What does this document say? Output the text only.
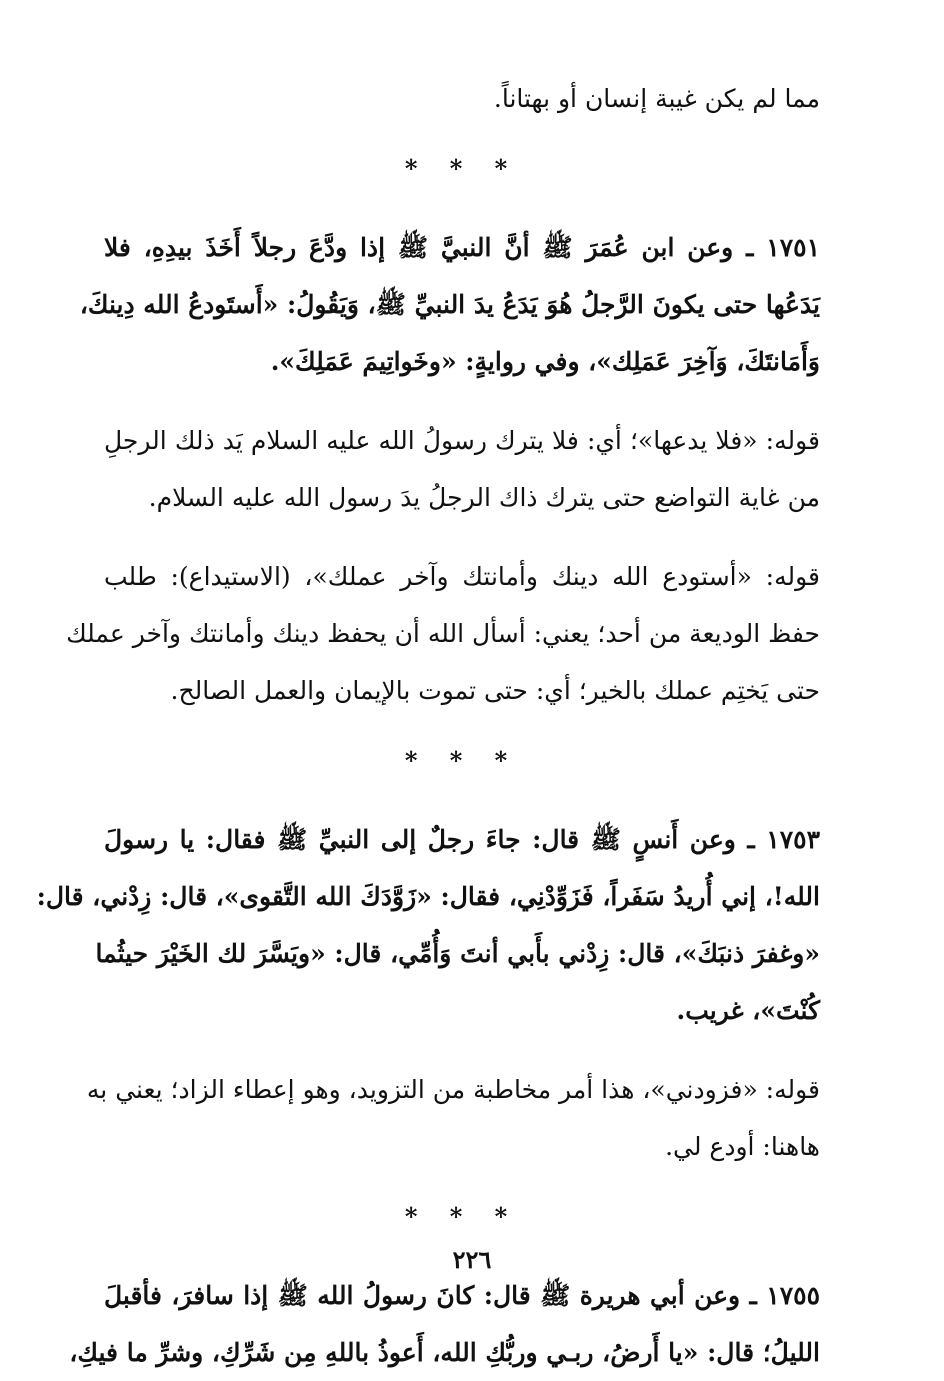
مما لم يكن غيبة إنسان أو بهتاناً.
* * *
١٧٥١ ـ وعن ابن عُمَرَ ﷺ أنَّ النبيَّ ﷺ إذا ودَّعَ رجلاً أَخَذَ بيدِهِ، فلا
يَدَعُها حتى يكونَ الرَّجلُ هُوَ يَدَعُ يدَ النبيِّ ﷺ، وَيَقُولُ: «أَستَودعُ الله دِينكَ،
وَأَمَانتَكَ، وَآخِرَ عَمَلِك»، وفي روايةٍ: «وخَواتِيمَ عَمَلِكَ».
قوله: «فلا يدعها»؛ أي: فلا يترك رسولُ الله عليه السلام يَد ذلك الرجلِ
من غاية التواضع حتى يترك ذاك الرجلُ يدَ رسول الله عليه السلام.
قوله: «أستودع الله دينك وأمانتك وآخر عملك»، (الاستيداع): طلب
حفظ الوديعة من أحد؛ يعني: أسأل الله أن يحفظ دينك وأمانتك وآخر عملك
حتى يَختِم عملك بالخير؛ أي: حتى تموت بالإيمان والعمل الصالح.
* * *
١٧٥٣ ـ وعن أَنسٍ ﷺ قال: جاءَ رجلٌ إلى النبيِّ ﷺ فقال: يا رسولَ
الله!، إني أُريدُ سَفَراً، فَزَوِّدْنِي، فقال: «زَوَّدَكَ الله التَّقوى»، قال: زِدْني، قال:
«وغفرَ ذنبَكَ»، قال: زِدْني بأَبي أنتَ وَأُمِّي، قال: «ويَسَّرَ لك الخَيْرَ حيثُما
كُنْتَ»، غريب.
قوله: «فزودني»، هذا أمر مخاطبة من التزويد، وهو إعطاء الزاد؛ يعني به
هاهنا: أودع لي.
* * *
١٧٥٥ ـ وعن أبي هريرة ﷺ قال: كانَ رسولُ الله ﷺ إذا سافرَ، فأقبلَ
الليلُ؛ قال: «يا أَرضُ، ربـي وربُّكِ الله، أَعوذُ باللهِ مِن شَرِّكِ، وشرِّ ما فيكِ،
٢٢٦
